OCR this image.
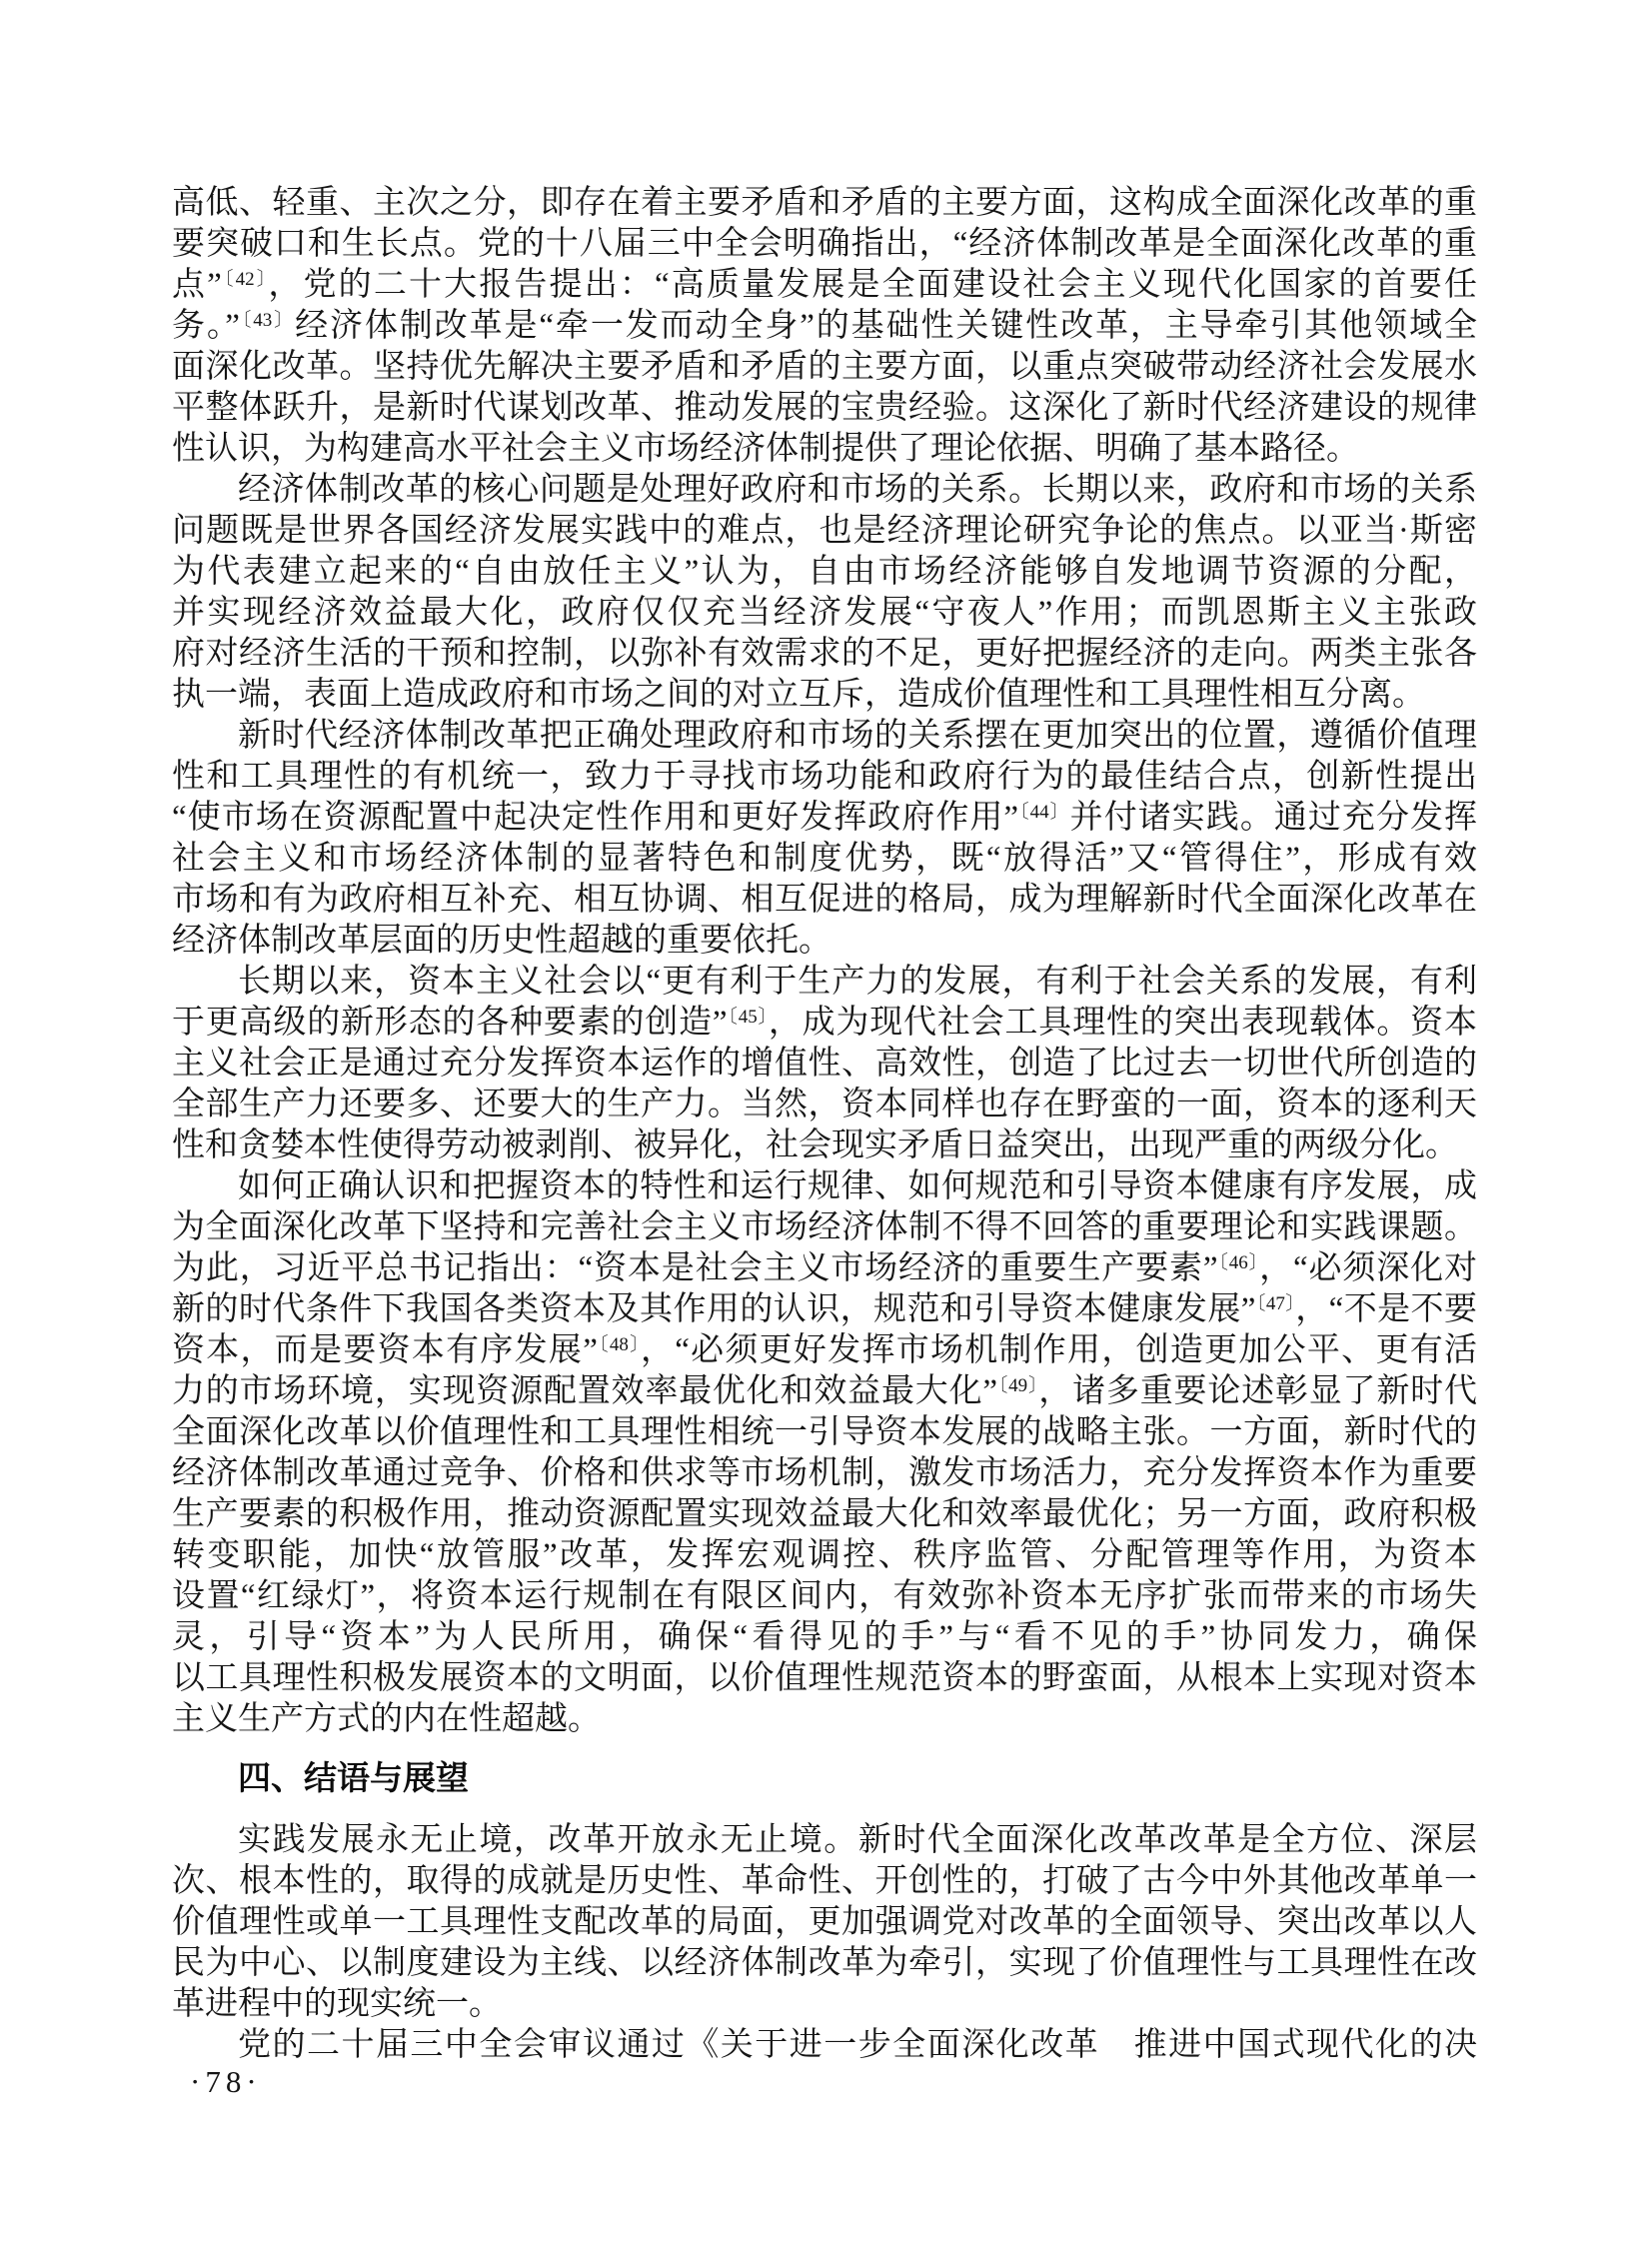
高低、轻重、主次之分，即存在着主要矛盾和矛盾的主要方面，这构成全面深化改革的重
要突破口和生长点。党的十八届三中全会明确指出，“经济体制改革是全面深化改革的重
点”$^{〔42〕}$，党的二十大报告提出：“高质量发展是全面建设社会主义现代化国家的首要任
务。”$^{〔43〕}$经济体制改革是“牵一发而动全身”的基础性关键性改革，主导牵引其他领域全
面深化改革。坚持优先解决主要矛盾和矛盾的主要方面，以重点突破带动经济社会发展水
平整体跃升，是新时代谋划改革、推动发展的宝贵经验。这深化了新时代经济建设的规律
性认识，为构建高水平社会主义市场经济体制提供了理论依据、明确了基本路径。
经济体制改革的核心问题是处理好政府和市场的关系。长期以来，政府和市场的关系
问题既是世界各国经济发展实践中的难点，也是经济理论研究争论的焦点。以亚当·斯密
为代表建立起来的“自由放任主义”认为，自由市场经济能够自发地调节资源的分配，
并实现经济效益最大化，政府仅仅充当经济发展“守夜人”作用；而凯恩斯主义主张政
府对经济生活的干预和控制，以弥补有效需求的不足，更好把握经济的走向。两类主张各
执一端，表面上造成政府和市场之间的对立互斥，造成价值理性和工具理性相互分离。
新时代经济体制改革把正确处理政府和市场的关系摆在更加突出的位置，遵循价值理
性和工具理性的有机统一，致力于寻找市场功能和政府行为的最佳结合点，创新性提出
“使市场在资源配置中起决定性作用和更好发挥政府作用”$^{〔44〕}$并付诸实践。通过充分发挥
社会主义和市场经济体制的显著特色和制度优势，既“放得活”又“管得住”，形成有效
市场和有为政府相互补充、相互协调、相互促进的格局，成为理解新时代全面深化改革在
经济体制改革层面的历史性超越的重要依托。
长期以来，资本主义社会以“更有利于生产力的发展，有利于社会关系的发展，有利
于更高级的新形态的各种要素的创造”$^{〔45〕}$，成为现代社会工具理性的突出表现载体。资本
主义社会正是通过充分发挥资本运作的增值性、高效性，创造了比过去一切世代所创造的
全部生产力还要多、还要大的生产力。当然，资本同样也存在野蛮的一面，资本的逐利天
性和贪婪本性使得劳动被剥削、被异化，社会现实矛盾日益突出，出现严重的两级分化。
如何正确认识和把握资本的特性和运行规律、如何规范和引导资本健康有序发展，成
为全面深化改革下坚持和完善社会主义市场经济体制不得不回答的重要理论和实践课题。
为此，习近平总书记指出：“资本是社会主义市场经济的重要生产要素”$^{〔46〕}$，“必须深化对
新的时代条件下我国各类资本及其作用的认识，规范和引导资本健康发展”$^{〔47〕}$，“不是不要
资本，而是要资本有序发展”$^{〔48〕}$，“必须更好发挥市场机制作用，创造更加公平、更有活
力的市场环境，实现资源配置效率最优化和效益最大化”$^{〔49〕}$，诸多重要论述彰显了新时代
全面深化改革以价值理性和工具理性相统一引导资本发展的战略主张。一方面，新时代的
经济体制改革通过竞争、价格和供求等市场机制，激发市场活力，充分发挥资本作为重要
生产要素的积极作用，推动资源配置实现效益最大化和效率最优化；另一方面，政府积极
转变职能，加快“放管服”改革，发挥宏观调控、秩序监管、分配管理等作用，为资本
设置“红绿灯”，将资本运行规制在有限区间内，有效弥补资本无序扩张而带来的市场失
灵，引导“资本”为人民所用，确保“看得见的手”与“看不见的手”协同发力，确保
以工具理性积极发展资本的文明面，以价值理性规范资本的野蛮面，从根本上实现对资本
主义生产方式的内在性超越。
四、结语与展望
实践发展永无止境，改革开放永无止境。新时代全面深化改革改革是全方位、深层
次、根本性的，取得的成就是历史性、革命性、开创性的，打破了古今中外其他改革单一
价值理性或单一工具理性支配改革的局面，更加强调党对改革的全面领导、突出改革以人
民为中心、以制度建设为主线、以经济体制改革为牵引，实现了价值理性与工具理性在改
革进程中的现实统一。
党的二十届三中全会审议通过《关于进一步全面深化改革　推进中国式现代化的决
·78·
